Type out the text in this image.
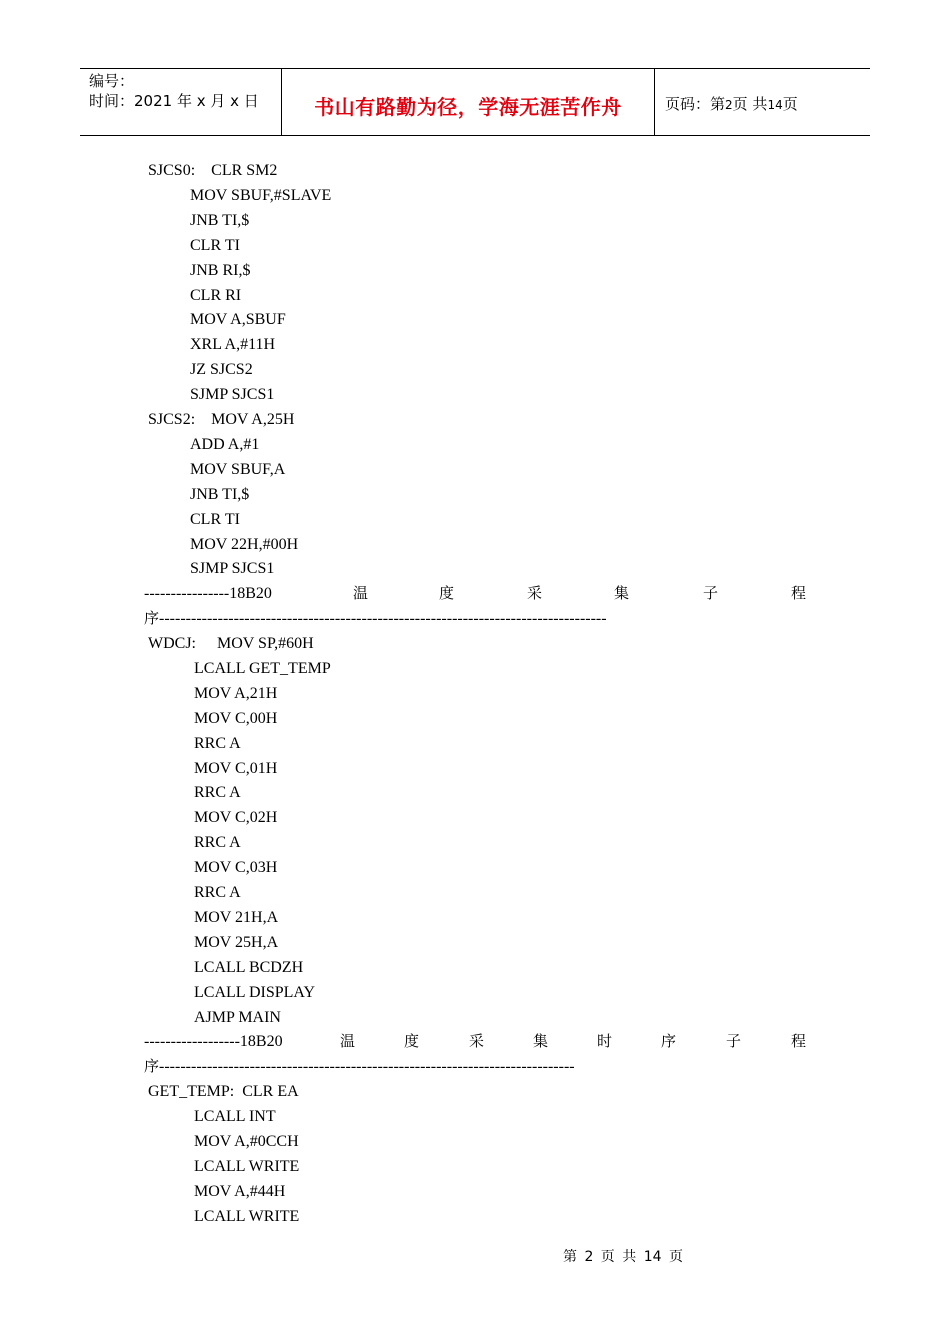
编号：
时间：2021 年 x 月 x 日	书山有路勤为径，学海无涯苦作舟	页码：第2页 共14页
SJCS0: CLR SM2
MOV SBUF,#SLAVE
JNB TI,$
CLR TI
JNB RI,$
CLR RI
MOV A,SBUF
XRL A,#11H
JZ SJCS2
SJMP SJCS1
SJCS2: MOV A,25H
ADD A,#1
MOV SBUF,A
JNB TI,$
CLR TI
MOV 22H,#00H
SJMP SJCS1
----------------18B20	温	度	采	集	子	程
序------------------------------------------------------------------------------------
WDCJ: MOV SP,#60H
LCALL GET_TEMP
MOV A,21H
MOV C,00H
RRC A
MOV C,01H
RRC A
MOV C,02H
RRC A
MOV C,03H
RRC A
MOV 21H,A
MOV 25H,A
LCALL BCDZH
LCALL DISPLAY
AJMP MAIN
------------------18B20	温	度	采	集	时	序	子	程
序------------------------------------------------------------------------------
GET_TEMP: CLR EA
LCALL INT
MOV A,#0CCH
LCALL WRITE
MOV A,#44H
LCALL WRITE
第 2 页 共 14 页
